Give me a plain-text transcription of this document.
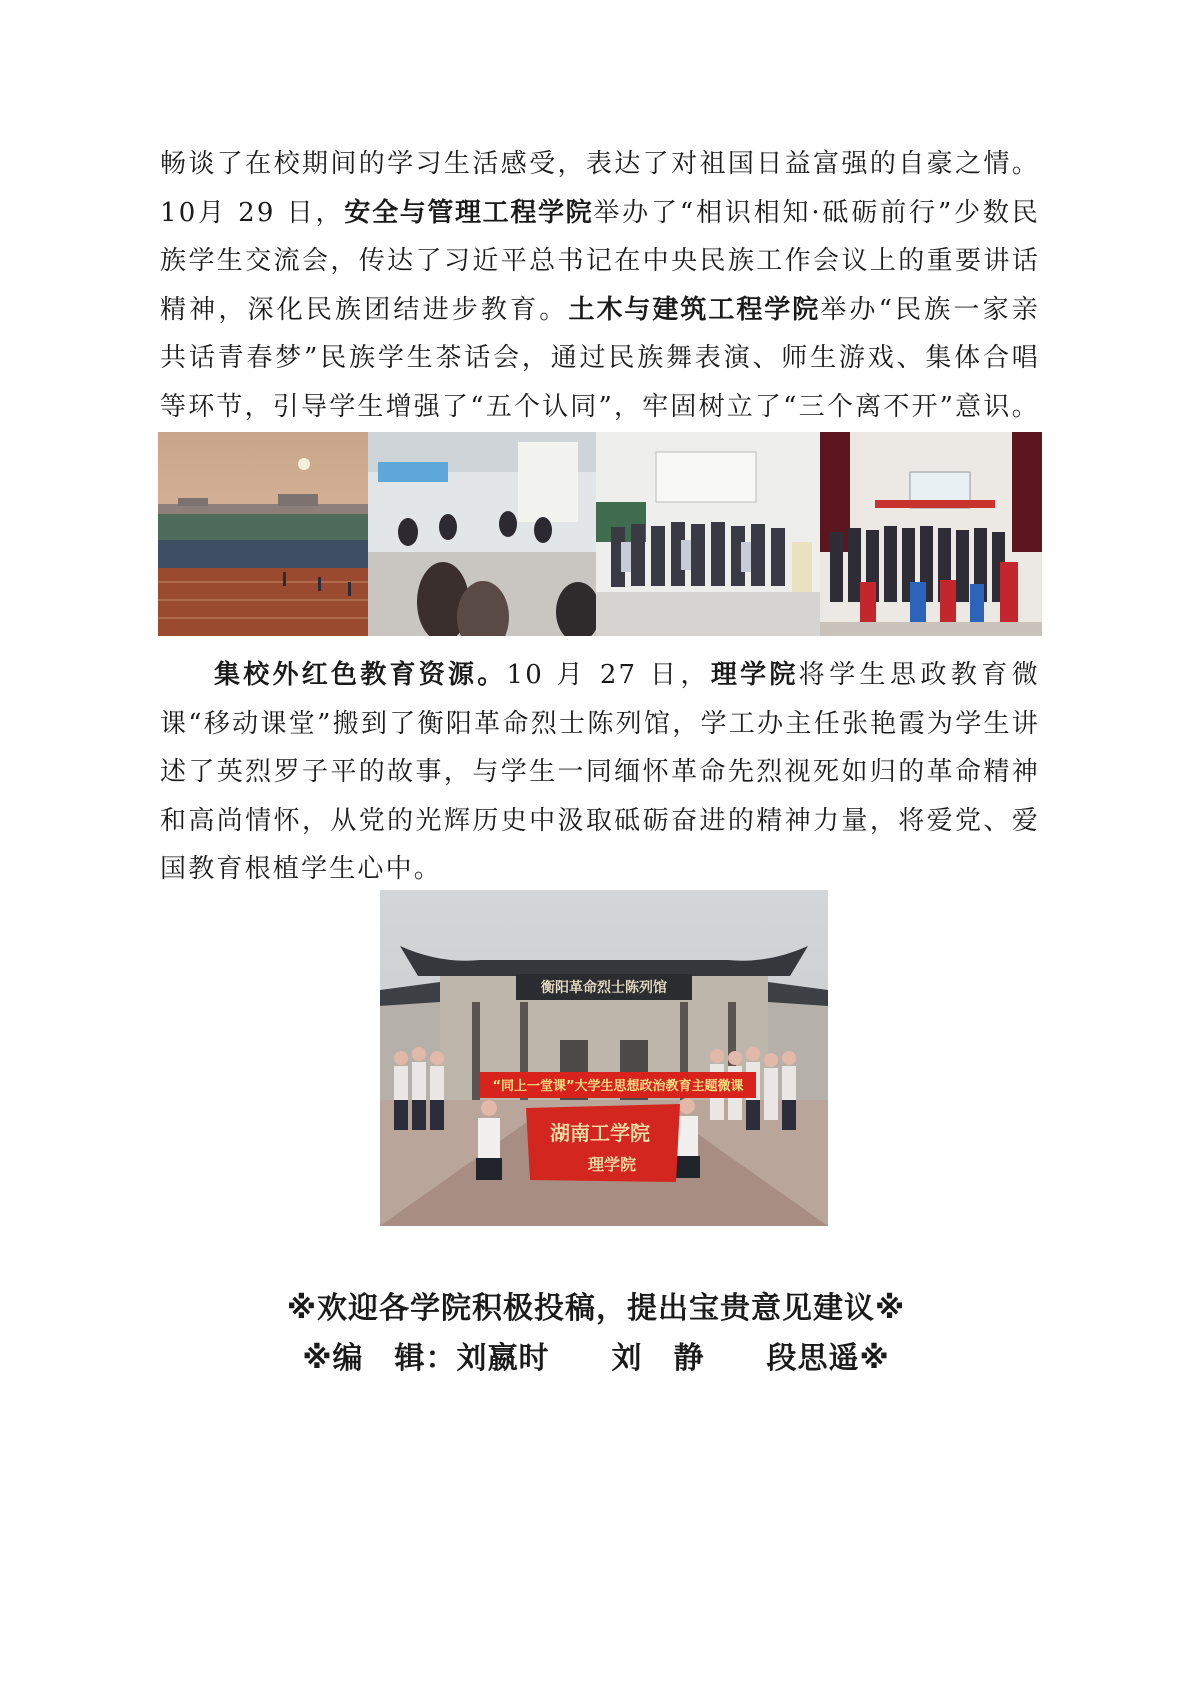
畅谈了在校期间的学习生活感受，表达了对祖国日益富强的自豪之情。10月 29 日，安全与管理工程学院举办了“相识相知·砥砺前行”少数民族学生交流会，传达了习近平总书记在中央民族工作会议上的重要讲话精神，深化民族团结进步教育。土木与建筑工程学院举办“民族一家亲 共话青春梦”民族学生茶话会，通过民族舞表演、师生游戏、集体合唱等环节，引导学生增强了“五个认同”，牢固树立了“三个离不开”意识。

集校外红色教育资源。10 月 27 日，理学院将学生思政教育微课“移动课堂”搬到了衡阳革命烈士陈列馆，学工办主任张艳霞为学生讲述了英烈罗子平的故事，与学生一同缅怀革命先烈视死如归的革命精神和高尚情怀，从党的光辉历史中汲取砥砺奋进的精神力量，将爱党、爱国教育根植学生心中。

衡阳革命烈士陈列馆
“同上一堂课”大学生思想政治教育主题微课
湖南工学院
理学院

※欢迎各学院积极投稿，提出宝贵意见建议※

※编　辑：刘嬴时　　刘　静　　段思遥※
